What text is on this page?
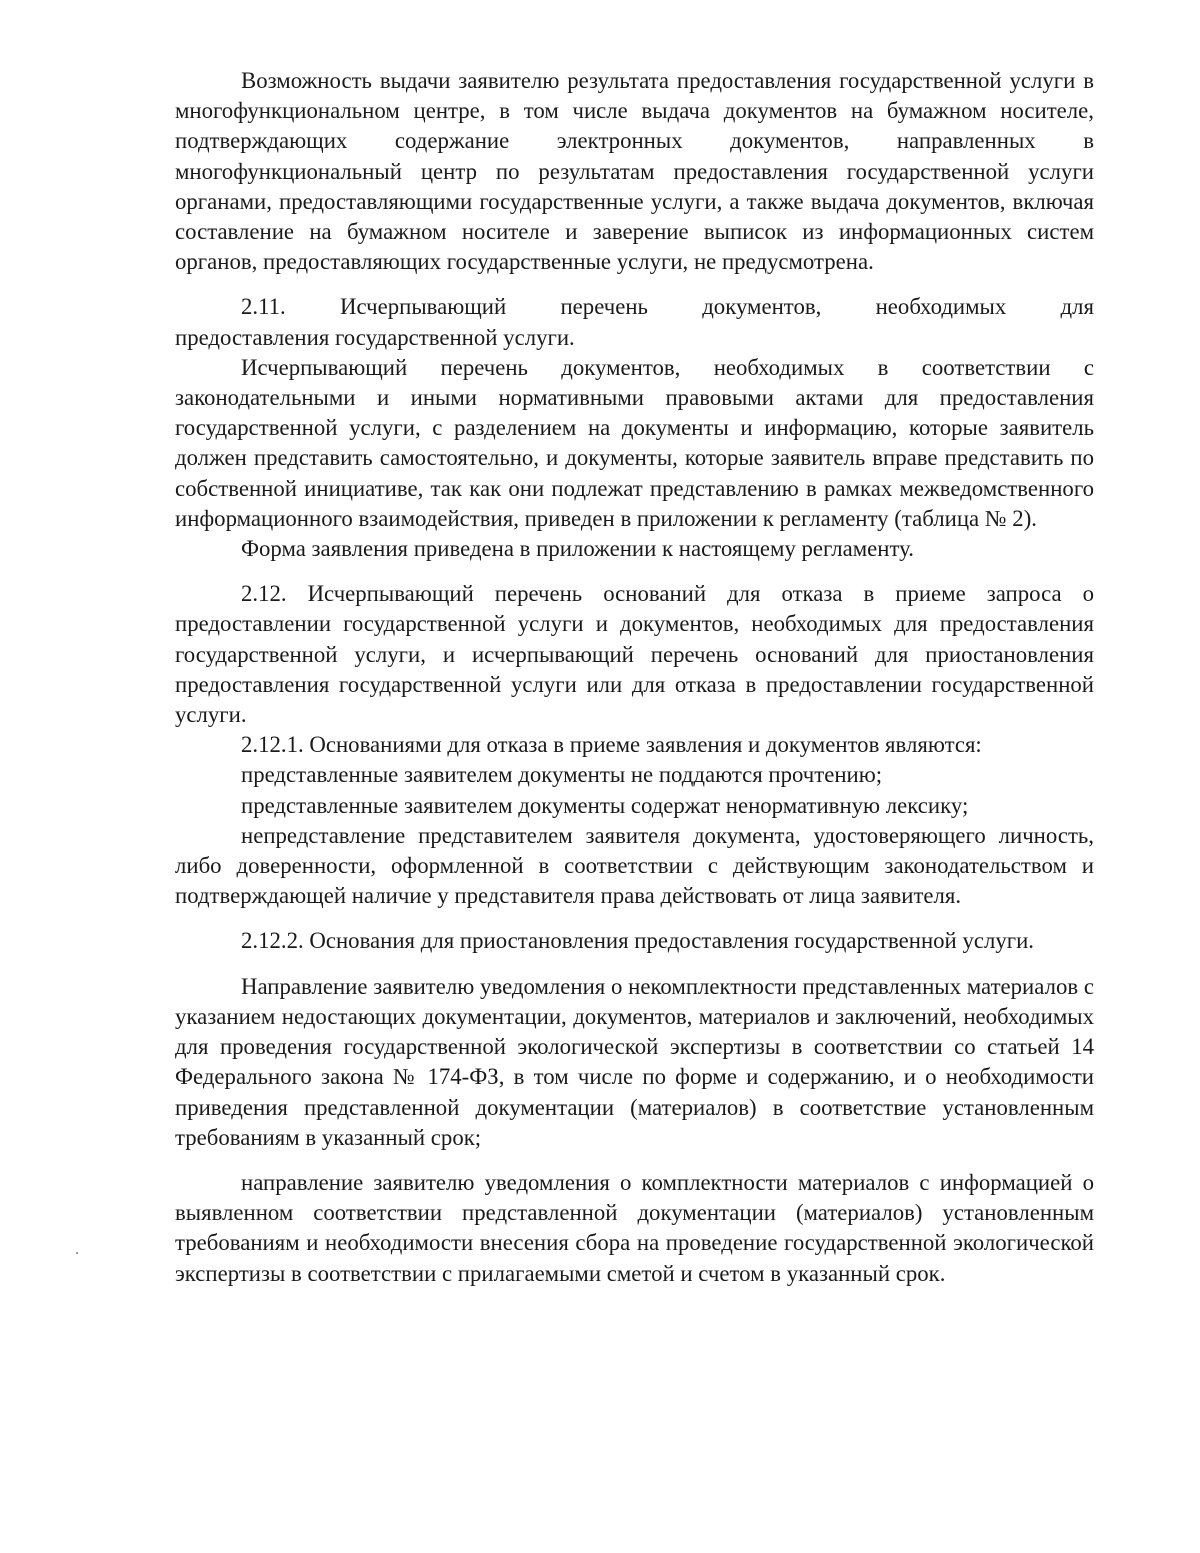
Возможность выдачи заявителю результата предоставления государственной услуги в многофункциональном центре, в том числе выдача документов на бумажном носителе, подтверждающих содержание электронных документов, направленных в многофункциональный центр по результатам предоставления государственной услуги органами, предоставляющими государственные услуги, а также выдача документов, включая составление на бумажном носителе и заверение выписок из информационных систем органов, предоставляющих государственные услуги, не предусмотрена.

2.11. Исчерпывающий перечень документов, необходимых для

предоставления государственной услуги.

Исчерпывающий перечень документов, необходимых в соответствии с законодательными и иными нормативными правовыми актами для предоставления государственной услуги, с разделением на документы и информацию, которые заявитель должен представить самостоятельно, и документы, которые заявитель вправе представить по собственной инициативе, так как они подлежат представлению в рамках межведомственного информационного взаимодействия, приведен в приложении к регламенту (таблица № 2).

Форма заявления приведена в приложении к настоящему регламенту.

2.12. Исчерпывающий перечень оснований для отказа в приеме запроса о предоставлении государственной услуги и документов, необходимых для предоставления государственной услуги, и исчерпывающий перечень оснований для приостановления предоставления государственной услуги или для отказа в предоставлении государственной услуги.

2.12.1. Основаниями для отказа в приеме заявления и документов являются:

представленные заявителем документы не поддаются прочтению;

представленные заявителем документы содержат ненормативную лексику;

непредставление представителем заявителя документа, удостоверяющего личность, либо доверенности, оформленной в соответствии с действующим законодательством и подтверждающей наличие у представителя права действовать от лица заявителя.

2.12.2. Основания для приостановления предоставления государственной услуги.

Направление заявителю уведомления о некомплектности представленных материалов с указанием недостающих документации, документов, материалов и заключений, необходимых для проведения государственной экологической экспертизы в соответствии со статьей 14 Федерального закона № 174-ФЗ, в том числе по форме и содержанию, и о необходимости приведения представленной документации (материалов) в соответствие установленным требованиям в указанный срок;

направление заявителю уведомления о комплектности материалов с информацией о выявленном соответствии представленной документации (материалов) установленным требованиям и необходимости внесения сбора на проведение государственной экологической экспертизы в соответствии с прилагаемыми сметой и счетом в указанный срок.
